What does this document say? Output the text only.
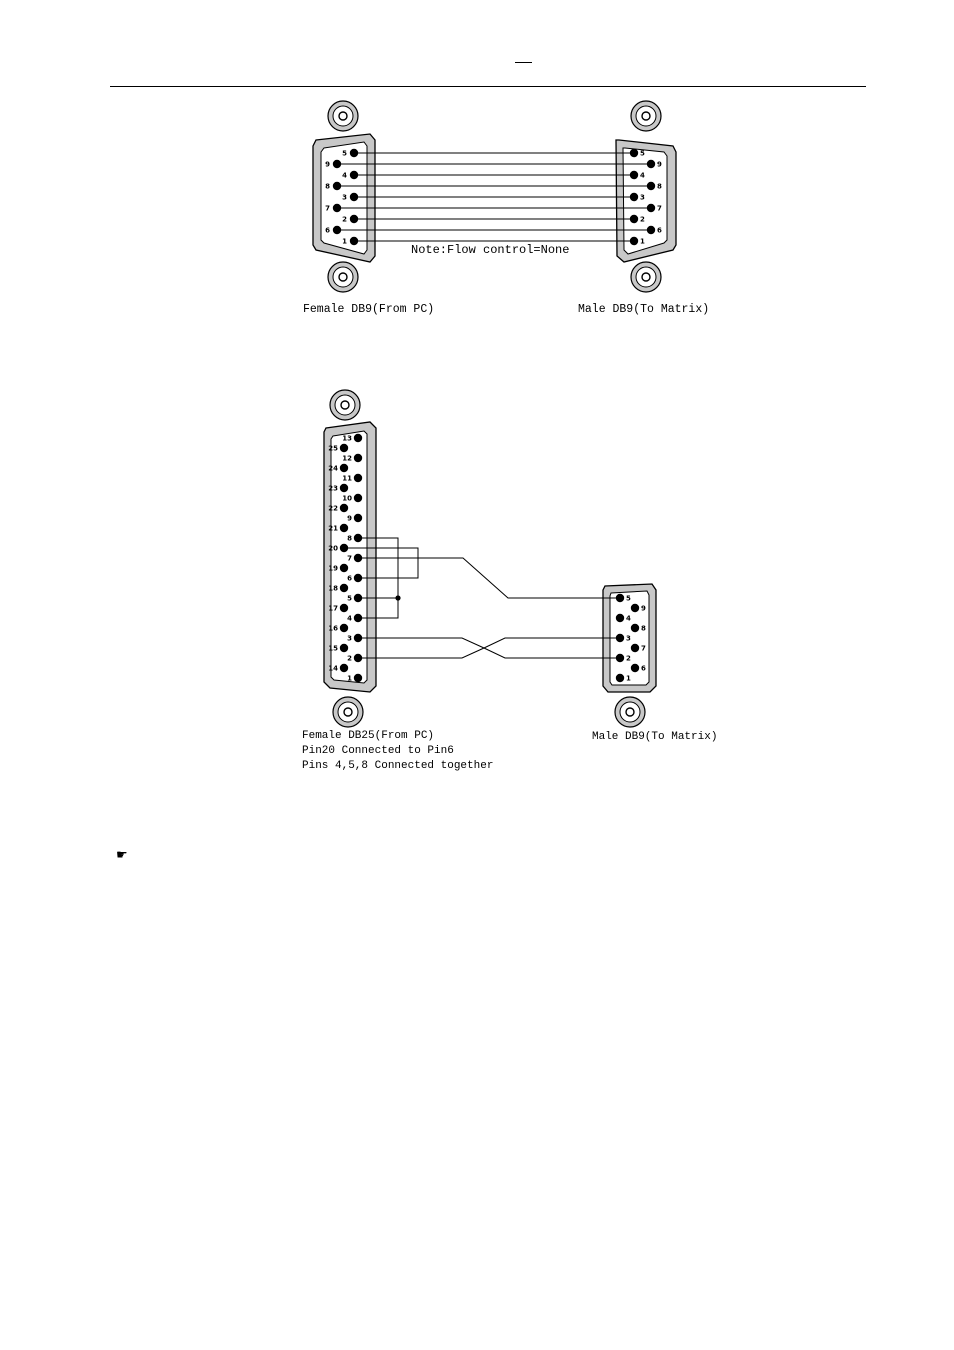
5
9
4
8
3
7
2
6
1
5
9
4
8
3
7
2
6
1
13
25
12
24
11
23
10
22
9
21
8
20
7
19
6
18
5
17
4
16
3
15
2
14
1
5
9
4
8
3
7
2
6
1
Note:Flow control=None
Female DB9(From PC)	Male DB9(To Matrix)
Female DB25(From PC)
Pin20 Connected to Pin6
Pins 4,5,8 Connected together
Male DB9(To Matrix)
☛
